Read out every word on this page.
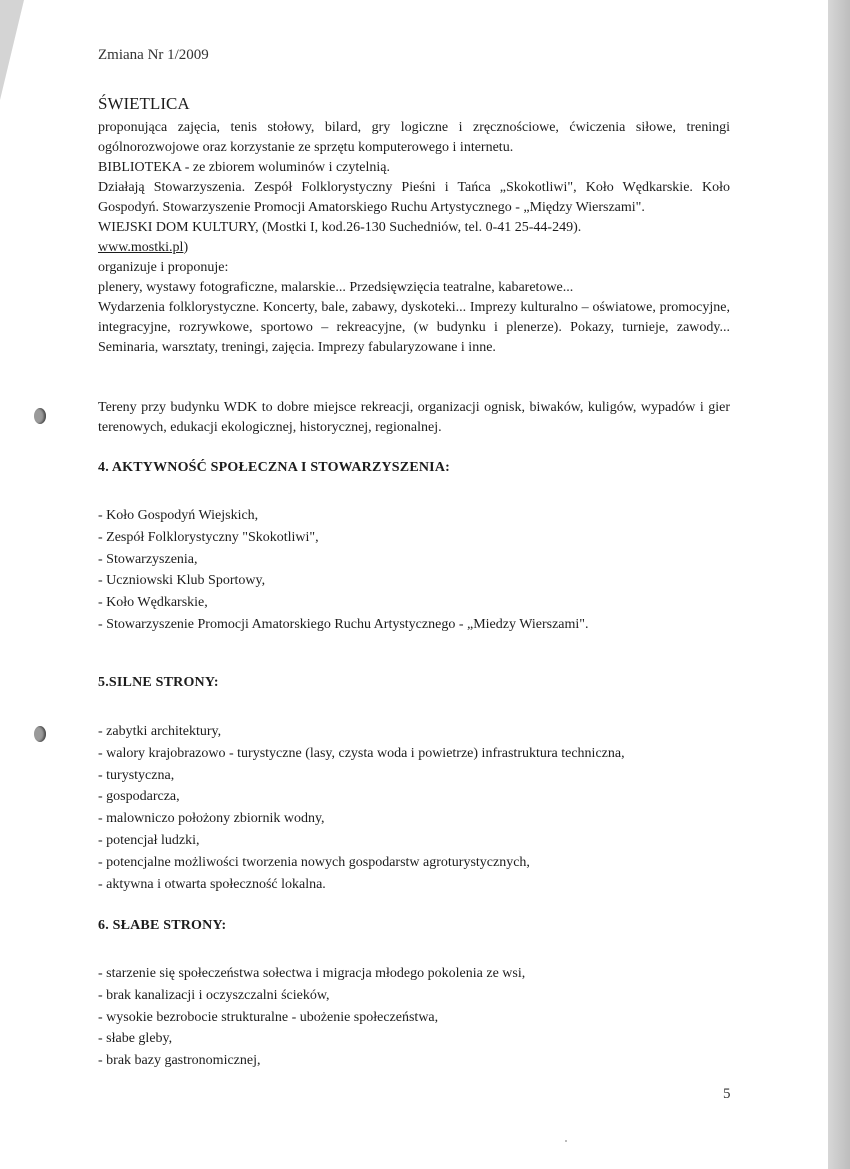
Zmiana Nr 1/2009
ŚWIETLICA

proponująca zajęcia, tenis stołowy, bilard, gry logiczne i zręcznościowe, ćwiczenia siłowe, treningi ogólnorozwojowe oraz korzystanie ze sprzętu komputerowego i internetu.

BIBLIOTEKA - ze zbiorem woluminów i czytelnią.

Działają Stowarzyszenia. Zespół Folklorystyczny Pieśni i Tańca „Skokotliwi", Koło Wędkarskie. Koło Gospodyń. Stowarzyszenie Promocji Amatorskiego Ruchu Artystycznego - „Między Wierszami".

WIEJSKI DOM KULTURY, (Mostki I, kod.26-130 Suchedniów, tel. 0-41 25-44-249).

www.mostki.pl)

organizuje i proponuje:

plenery, wystawy fotograficzne, malarskie... Przedsięwzięcia teatralne, kabaretowe...

Wydarzenia folklorystyczne. Koncerty, bale, zabawy, dyskoteki... Imprezy kulturalno – oświatowe, promocyjne, integracyjne, rozrywkowe, sportowo – rekreacyjne, (w budynku i plenerze). Pokazy, turnieje, zawody... Seminaria, warsztaty, treningi, zajęcia. Imprezy fabularyzowane i inne.

Tereny przy budynku WDK to dobre miejsce rekreacji, organizacji ognisk, biwaków, kuligów, wypadów i gier terenowych, edukacji ekologicznej, historycznej, regionalnej.

4. AKTYWNOŚĆ SPOŁECZNA I STOWARZYSZENIA:
- Koło Gospodyń Wiejskich,
- Zespół Folklorystyczny "Skokotliwi",
- Stowarzyszenia,
- Uczniowski Klub Sportowy,
- Koło Wędkarskie,
- Stowarzyszenie Promocji Amatorskiego Ruchu Artystycznego - „Miedzy Wierszami".
5.SILNE STRONY:
- zabytki architektury,
- walory krajobrazowo - turystyczne (lasy, czysta woda i powietrze) infrastruktura techniczna,
- turystyczna,
- gospodarcza,
- malowniczo położony zbiornik wodny,
- potencjał ludzki,
- potencjalne możliwości tworzenia nowych gospodarstw agroturystycznych,
- aktywna i otwarta społeczność lokalna.
6. SŁABE STRONY:
- starzenie się społeczeństwa sołectwa i migracja młodego pokolenia ze wsi,
- brak kanalizacji i oczyszczalni ścieków,
- wysokie bezrobocie strukturalne - ubożenie społeczeństwa,
- słabe gleby,
- brak bazy gastronomicznej,
5
